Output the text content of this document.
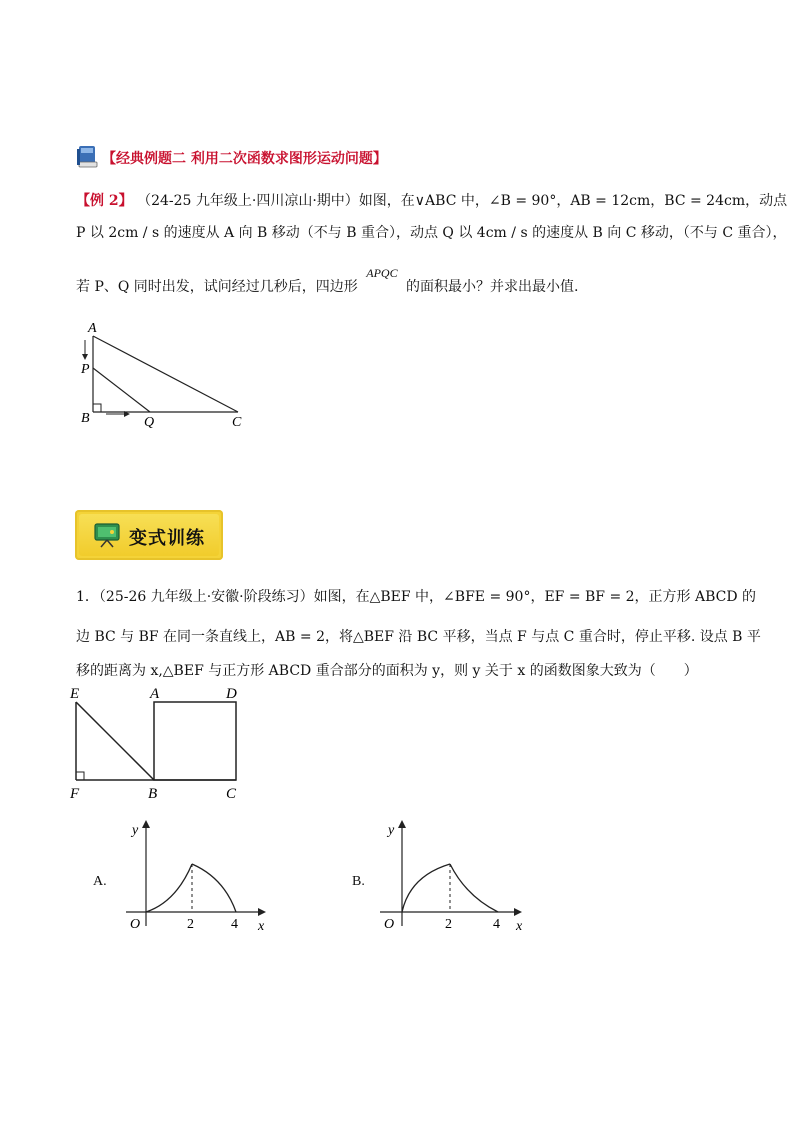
【经典例题二 利用二次函数求图形运动问题】
【例 2】 （24-25 九年级上·四川凉山·期中）如图，在∨ABC 中，∠B = 90°，AB = 12cm，BC = 24cm，动点
P 以 2cm / s 的速度从 A 向 B 移动（不与 B 重合），动点 Q 以 4cm / s 的速度从 B 向 C 移动，（不与 C 重合），
若 P、Q 同时出发，试问经过几秒后，四边形 APQC 的面积最小？并求出最小值.
A
P
B	Q	C
变式训练
1．（25-26 九年级上·安徽·阶段练习）如图，在△BEF 中，∠BFE = 90°，EF = BF = 2，正方形 ABCD 的
边 BC 与 BF 在同一条直线上，AB = 2，将△BEF 沿 BC 平移，当点 F 与点 C 重合时，停止平移. 设点 B 平
移的距离为 x,△BEF 与正方形 ABCD 重合部分的面积为 y，则 y 关于 x 的函数图象大致为（　　）
E	A	D
F	B	C
A.
y
O	2	4 x
B.
y
O	2	4 x
